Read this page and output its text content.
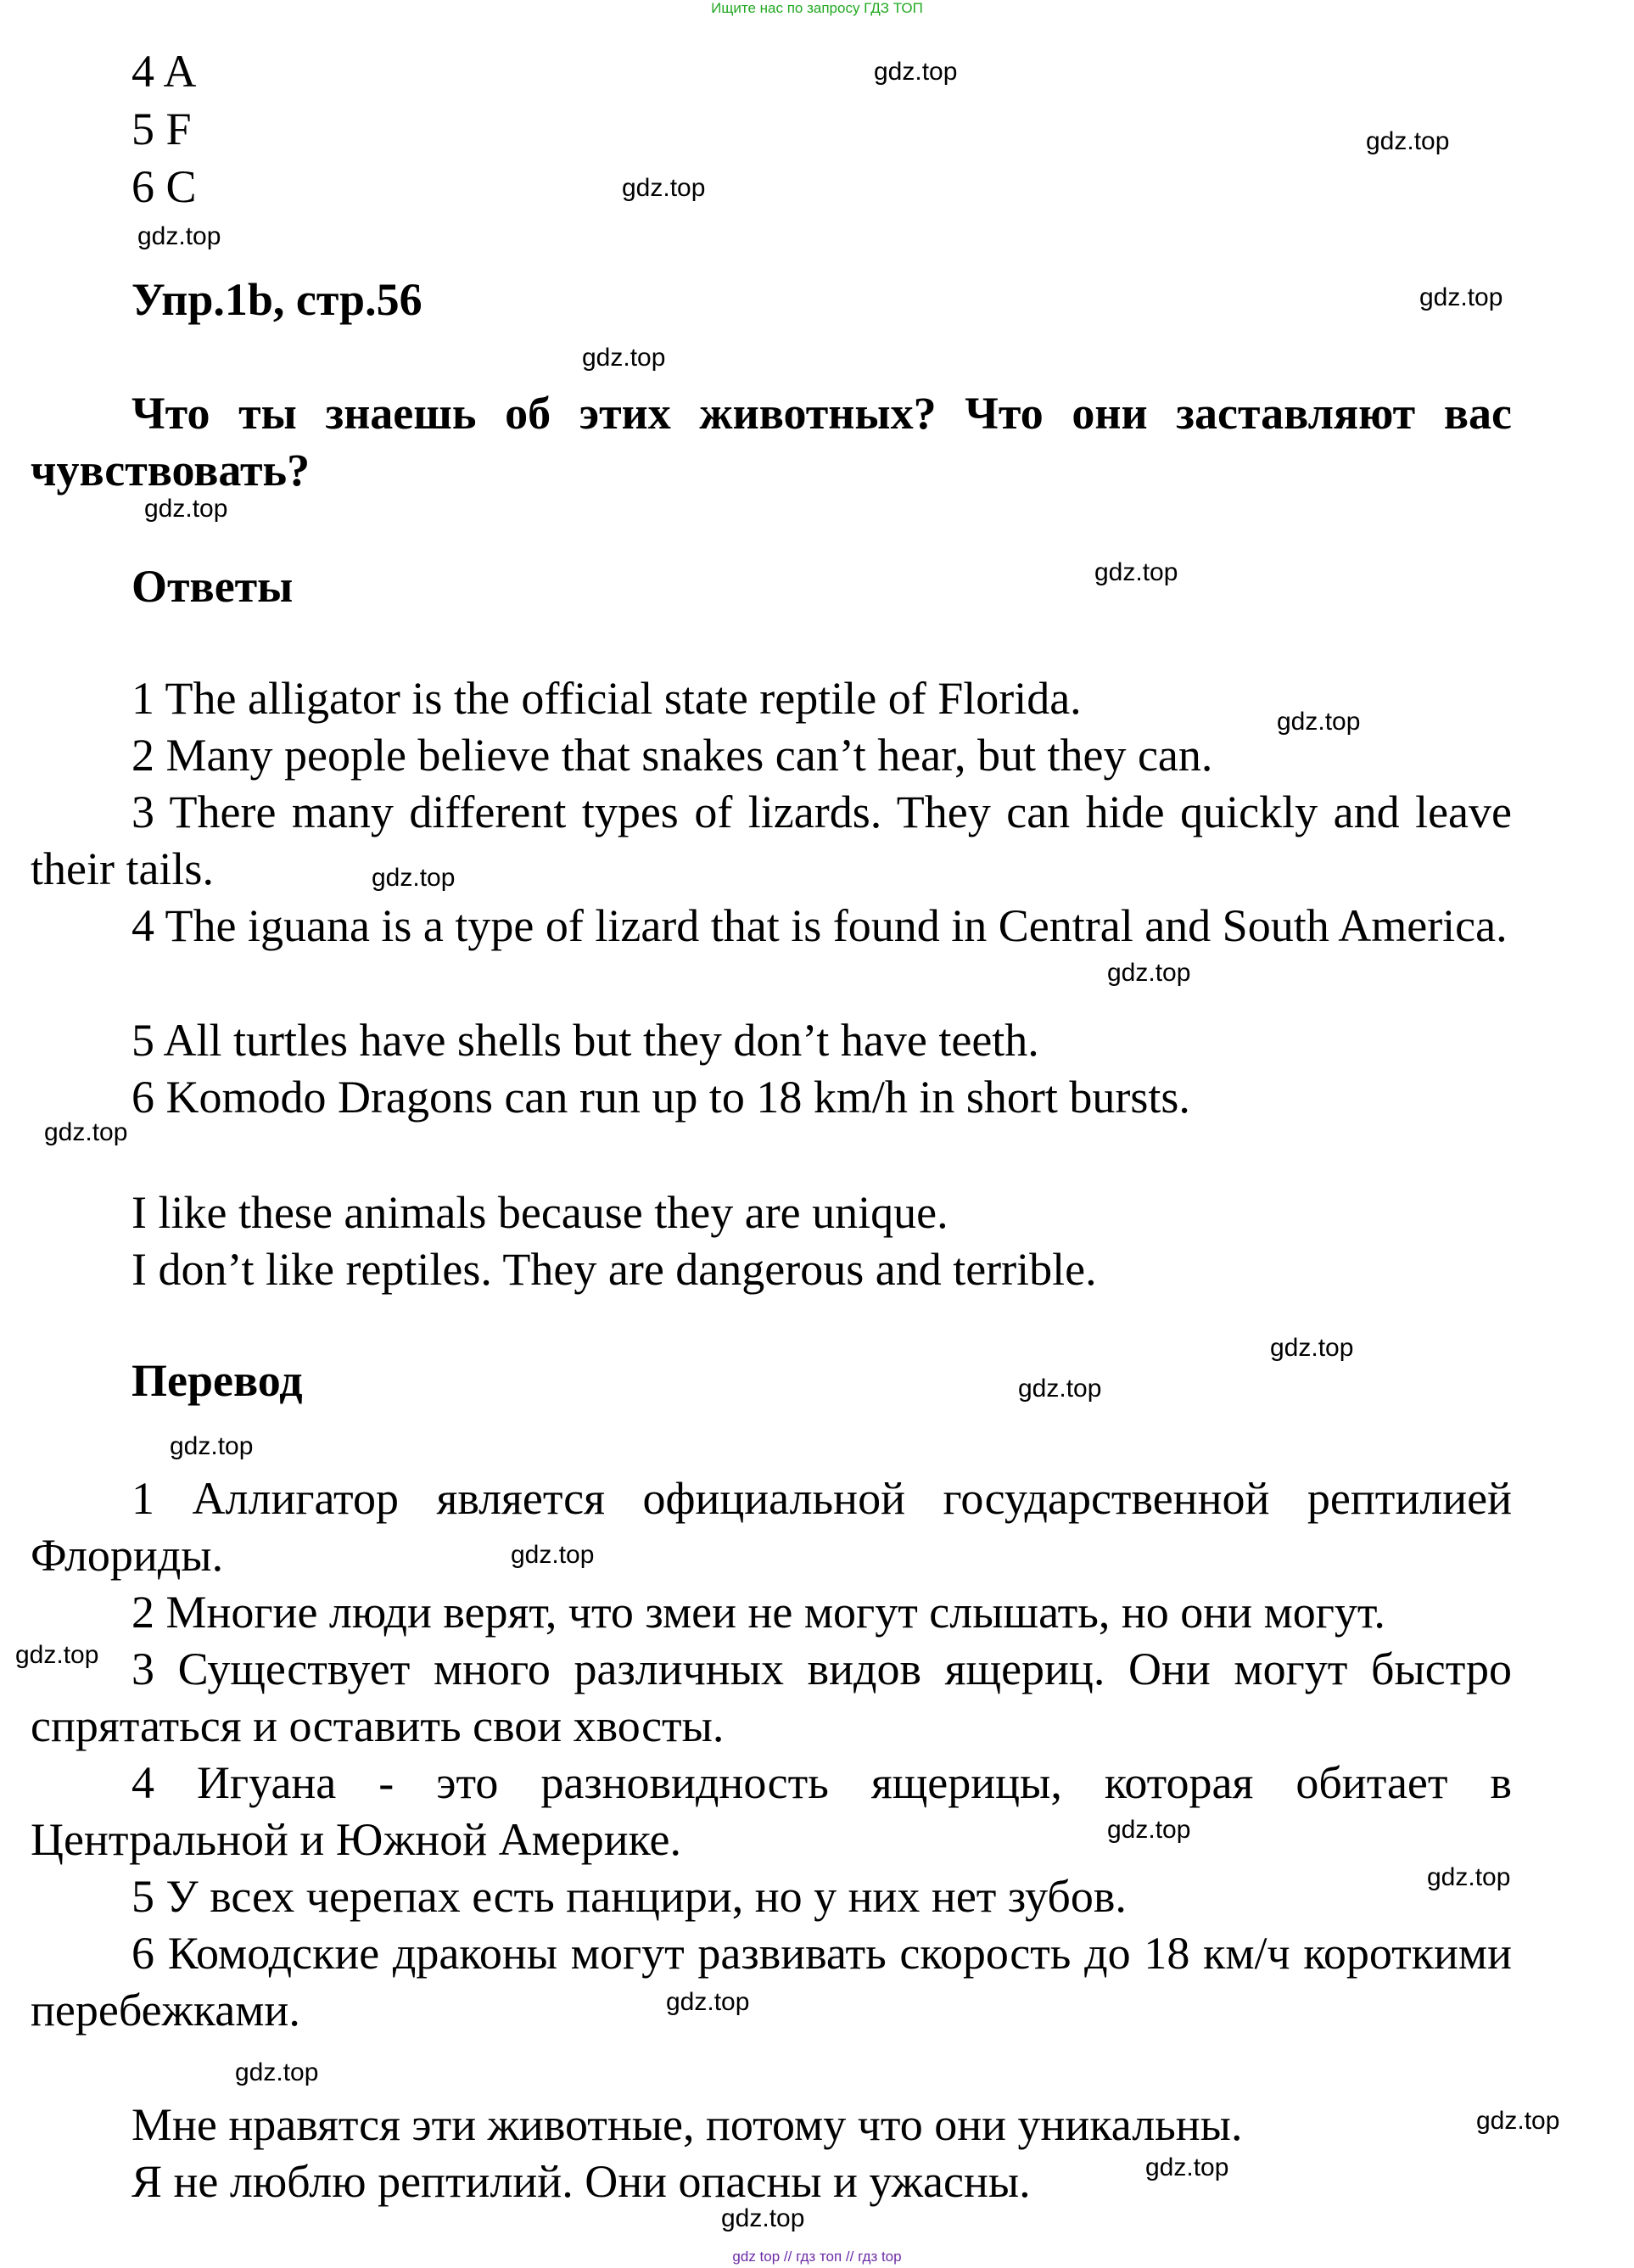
Ищите нас по запросу ГДЗ ТОП
4 A
5 F
6 C
Упр.1b, стр.56
Что ты знаешь об этих животных? Что они заставляют вас чувствовать?
Ответы
1 The alligator is the official state reptile of Florida.
2 Many people believe that snakes can’t hear, but they can.
3 There many different types of lizards. They can hide quickly and leave their tails.
4 The iguana is a type of lizard that is found in Central and South America.
5 All turtles have shells but they don’t have teeth.
6 Komodo Dragons can run up to 18 km/h in short bursts.
I like these animals because they are unique.
I don’t like reptiles. They are dangerous and terrible.
Перевод
1 Аллигатор является официальной государственной рептилией Флориды.
2 Многие люди верят, что змеи не могут слышать, но они могут.
3 Существует много различных видов ящериц. Они могут быстро спрятаться и оставить свои хвосты.
4 Игуана - это разновидность ящерицы, которая обитает в Центральной и Южной Америке.
5 У всех черепах есть панцири, но у них нет зубов.
6 Комодские драконы могут развивать скорость до 18 км/ч короткими перебежками.
Мне нравятся эти животные, потому что они уникальны.
Я не люблю рептилий. Они опасны и ужасны.
gdz.top
gdz.top
gdz.top
gdz.top
gdz.top
gdz.top
gdz.top
gdz.top
gdz.top
gdz.top
gdz.top
gdz.top
gdz.top
gdz.top
gdz.top
gdz.top
gdz.top
gdz.top
gdz.top
gdz.top
gdz.top
gdz.top
gdz.top
gdz.top
gdz top // гдз топ // гдз top
